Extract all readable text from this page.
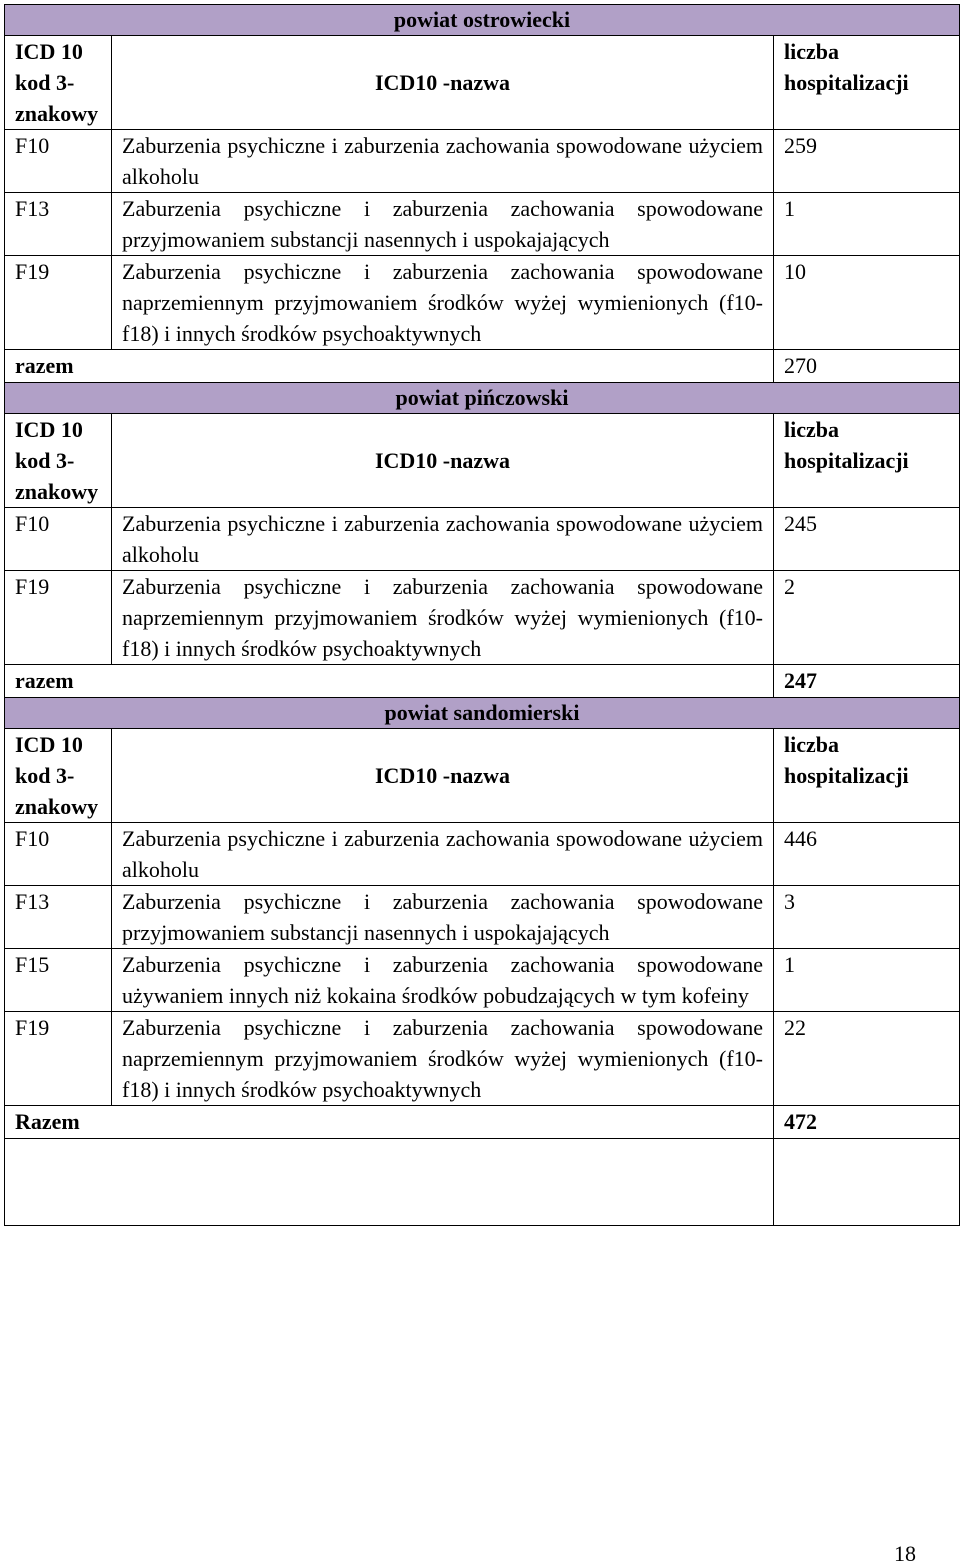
powiat ostrowiecki		
ICD 10 kod 3-znakowy	ICD10 -nazwa	liczba hospitalizacji
F10	Zaburzenia psychiczne i zaburzenia zachowania spowodowane użyciem alkoholu	259
F13	Zaburzenia psychiczne i zaburzenia zachowania spowodowane przyjmowaniem substancji nasennych i uspokajających	1
F19	Zaburzenia psychiczne i zaburzenia zachowania spowodowane naprzemiennym przyjmowaniem środków wyżej wymienionych (f10-f18) i innych środków psychoaktywnych	10
razem		270
powiat pińczowski		
ICD 10 kod 3-znakowy	ICD10 -nazwa	liczba hospitalizacji
F10	Zaburzenia psychiczne i zaburzenia zachowania spowodowane użyciem alkoholu	245
F19	Zaburzenia psychiczne i zaburzenia zachowania spowodowane naprzemiennym przyjmowaniem środków wyżej wymienionych (f10-f18) i innych środków psychoaktywnych	2
razem		247
powiat sandomierski		
ICD 10 kod 3-znakowy	ICD10 -nazwa	liczba hospitalizacji
F10	Zaburzenia psychiczne i zaburzenia zachowania spowodowane użyciem alkoholu	446
F13	Zaburzenia psychiczne i zaburzenia zachowania spowodowane przyjmowaniem substancji nasennych i uspokajających	3
F15	Zaburzenia psychiczne i zaburzenia zachowania spowodowane używaniem innych niż kokaina środków pobudzających w tym kofeiny	1
F19	Zaburzenia psychiczne i zaburzenia zachowania spowodowane naprzemiennym przyjmowaniem środków wyżej wymienionych (f10-f18) i innych środków psychoaktywnych	22
Razem		472

18
